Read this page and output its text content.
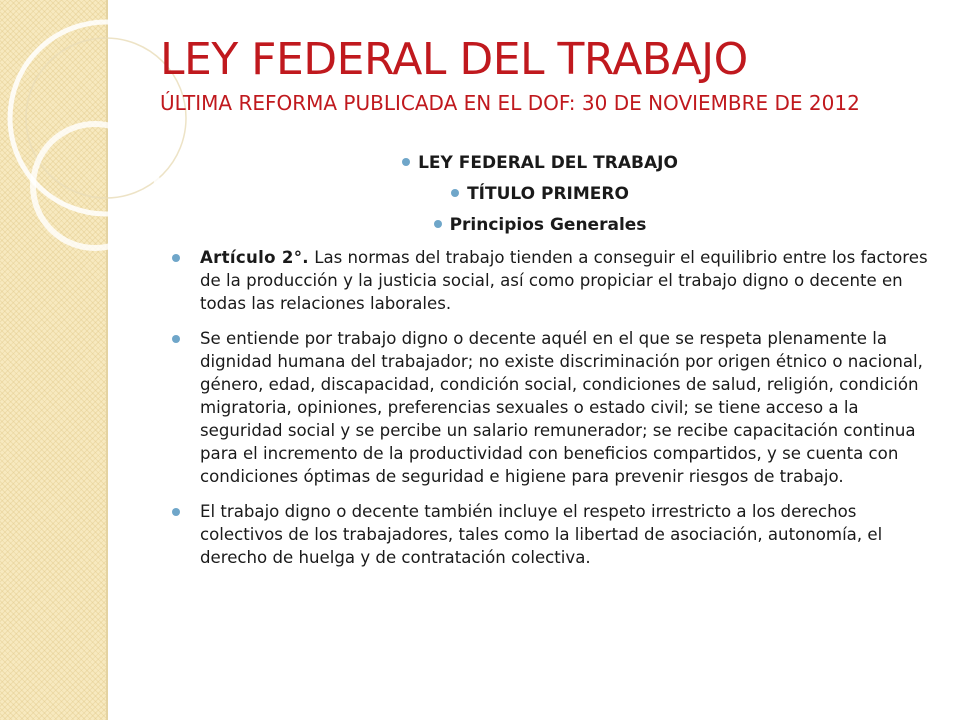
LEY FEDERAL DEL TRABAJO
ÚLTIMA REFORMA PUBLICADA EN EL DOF: 30 DE NOVIEMBRE DE 2012
LEY FEDERAL DEL TRABAJO
TÍTULO PRIMERO
Principios Generales
Artículo 2°. Las normas del trabajo tienden a conseguir el equilibrio entre los factores de la producción y la justicia social, así como propiciar el trabajo digno o decente en todas las relaciones laborales.
Se entiende por trabajo digno o decente aquél en el que se respeta plenamente la dignidad humana del trabajador; no existe discriminación por origen étnico o nacional, género, edad, discapacidad, condición social, condiciones de salud, religión, condición migratoria, opiniones, preferencias sexuales o estado civil; se tiene acceso a la seguridad social y se percibe un salario remunerador; se recibe capacitación continua para el incremento de la productividad con beneficios compartidos, y se cuenta con condiciones óptimas de seguridad e higiene para prevenir riesgos de trabajo.
El trabajo digno o decente también incluye el respeto irrestricto a los derechos colectivos de los trabajadores, tales como la libertad de asociación, autonomía, el derecho de huelga y de contratación colectiva.
